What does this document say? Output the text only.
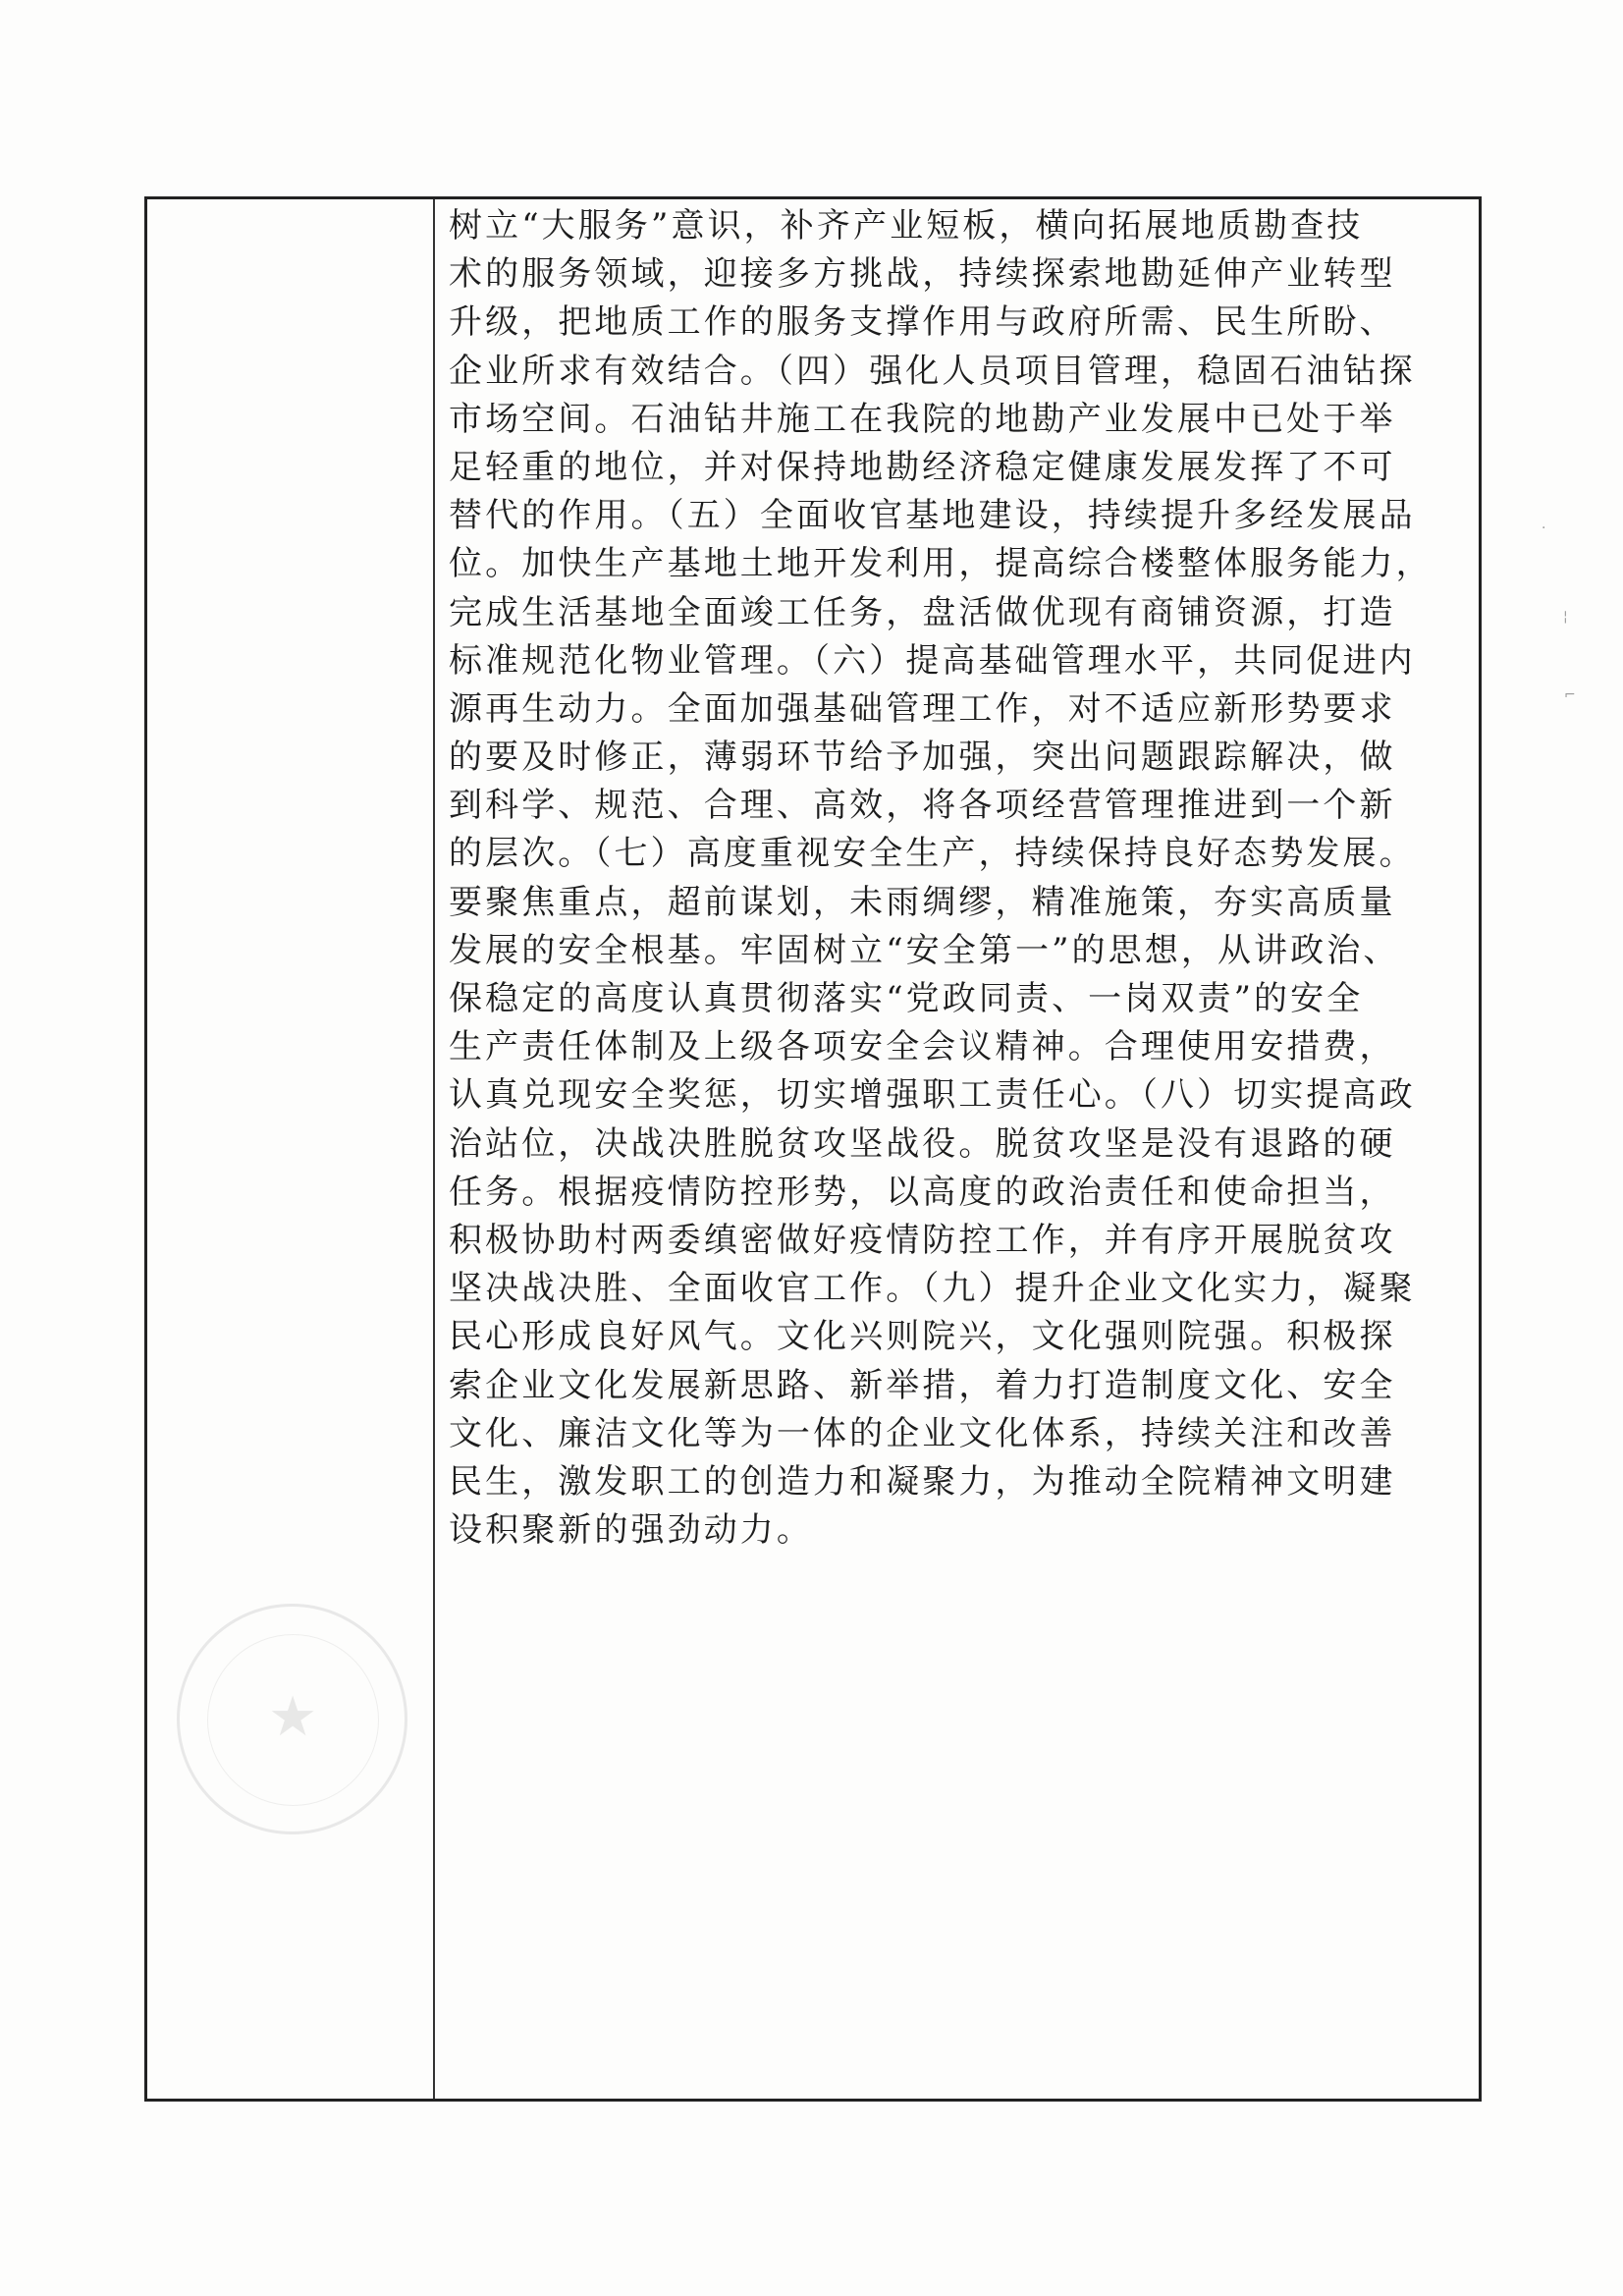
★
树立“大服务”意识，补齐产业短板，横向拓展地质勘查技
术的服务领域，迎接多方挑战，持续探索地勘延伸产业转型
升级，把地质工作的服务支撑作用与政府所需、民生所盼、
企业所求有效结合。（四）强化人员项目管理，稳固石油钻探
市场空间。石油钻井施工在我院的地勘产业发展中已处于举
足轻重的地位，并对保持地勘经济稳定健康发展发挥了不可
替代的作用。（五）全面收官基地建设，持续提升多经发展品
位。加快生产基地土地开发利用，提高综合楼整体服务能力，
完成生活基地全面竣工任务，盘活做优现有商铺资源，打造
标准规范化物业管理。（六）提高基础管理水平，共同促进内
源再生动力。全面加强基础管理工作，对不适应新形势要求
的要及时修正，薄弱环节给予加强，突出问题跟踪解决，做
到科学、规范、合理、高效，将各项经营管理推进到一个新
的层次。（七）高度重视安全生产，持续保持良好态势发展。
要聚焦重点，超前谋划，未雨绸缪，精准施策，夯实高质量
发展的安全根基。牢固树立“安全第一”的思想，从讲政治、
保稳定的高度认真贯彻落实“党政同责、一岗双责”的安全
生产责任体制及上级各项安全会议精神。合理使用安措费，
认真兑现安全奖惩，切实增强职工责任心。（八）切实提高政
治站位，决战决胜脱贫攻坚战役。脱贫攻坚是没有退路的硬
任务。根据疫情防控形势，以高度的政治责任和使命担当，
积极协助村两委缜密做好疫情防控工作，并有序开展脱贫攻
坚决战决胜、全面收官工作。（九）提升企业文化实力，凝聚
民心形成良好风气。文化兴则院兴，文化强则院强。积极探
索企业文化发展新思路、新举措，着力打造制度文化、安全
文化、廉洁文化等为一体的企业文化体系，持续关注和改善
民生，激发职工的创造力和凝聚力，为推动全院精神文明建
设积聚新的强劲动力。
·
¦
⌐
